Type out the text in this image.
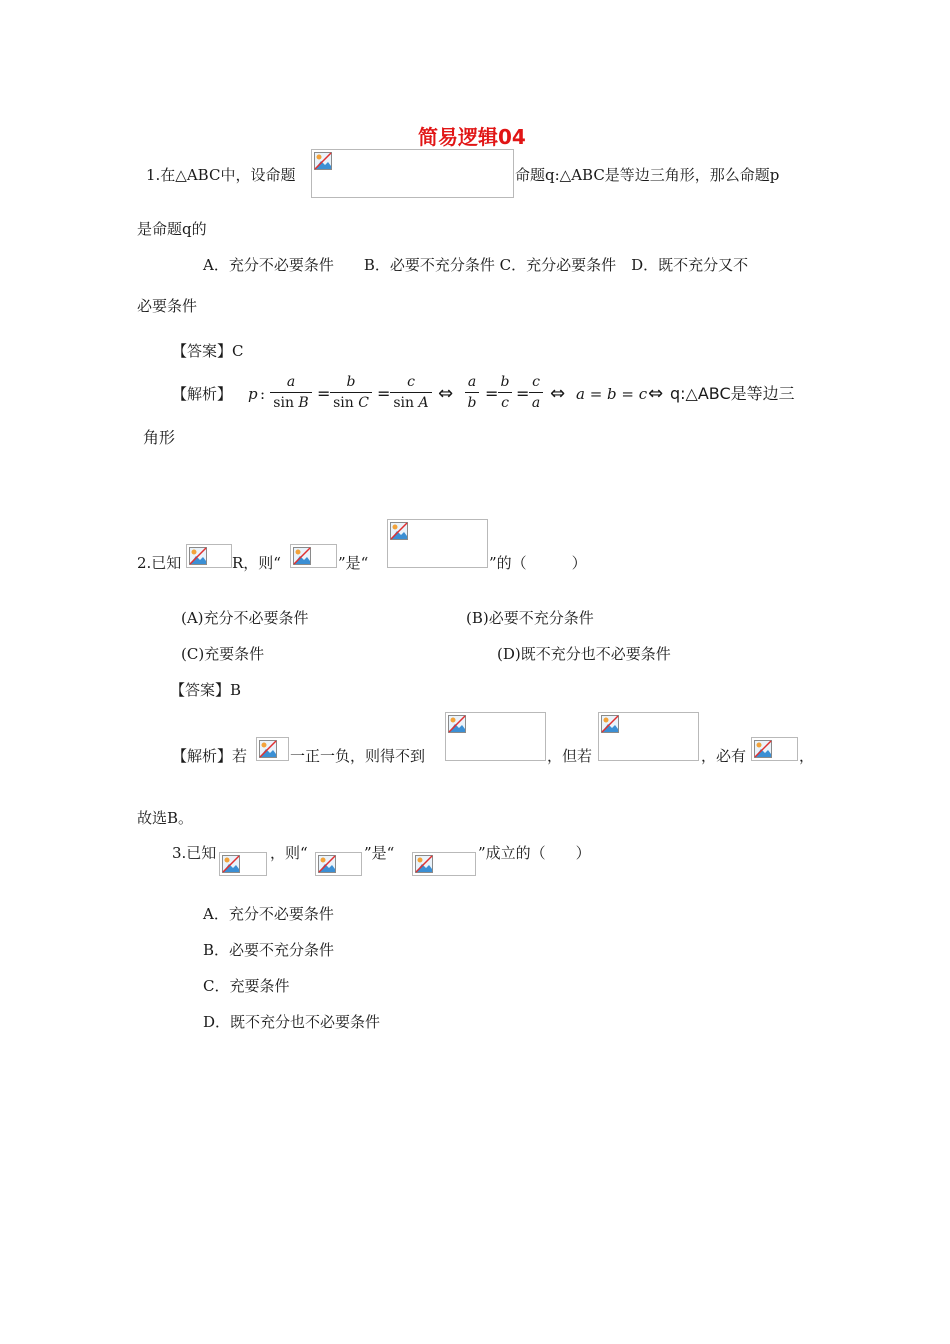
简易逻辑04
1.在△ABC中，设命题	命题q:△ABC是等边三角形，那么命题p
是命题q的
A．充分不必要条件　　B．必要不充分条件 C．充分必要条件　D．既不充分又不
必要条件
【答案】C
【解析】 p :
a
sin B =
b
sin C =
c
sin A ⇔
a
b =
b
c =
c
a ⇔ a = b = c ⇔ q:△ABC是等边三
角形
2.已知	R，则“	”是“	”的（　　　）
(A)充分不必要条件	(B)必要不充分条件
(C)充要条件	(D)既不充分也不必要条件
【答案】B
【解析】若	一正一负，则得不到	，但若	，必有	，
故选B。
3.已知	，则“	”是“	”成立的（　　）
A．充分不必要条件
B．必要不充分条件
C．充要条件
D．既不充分也不必要条件
